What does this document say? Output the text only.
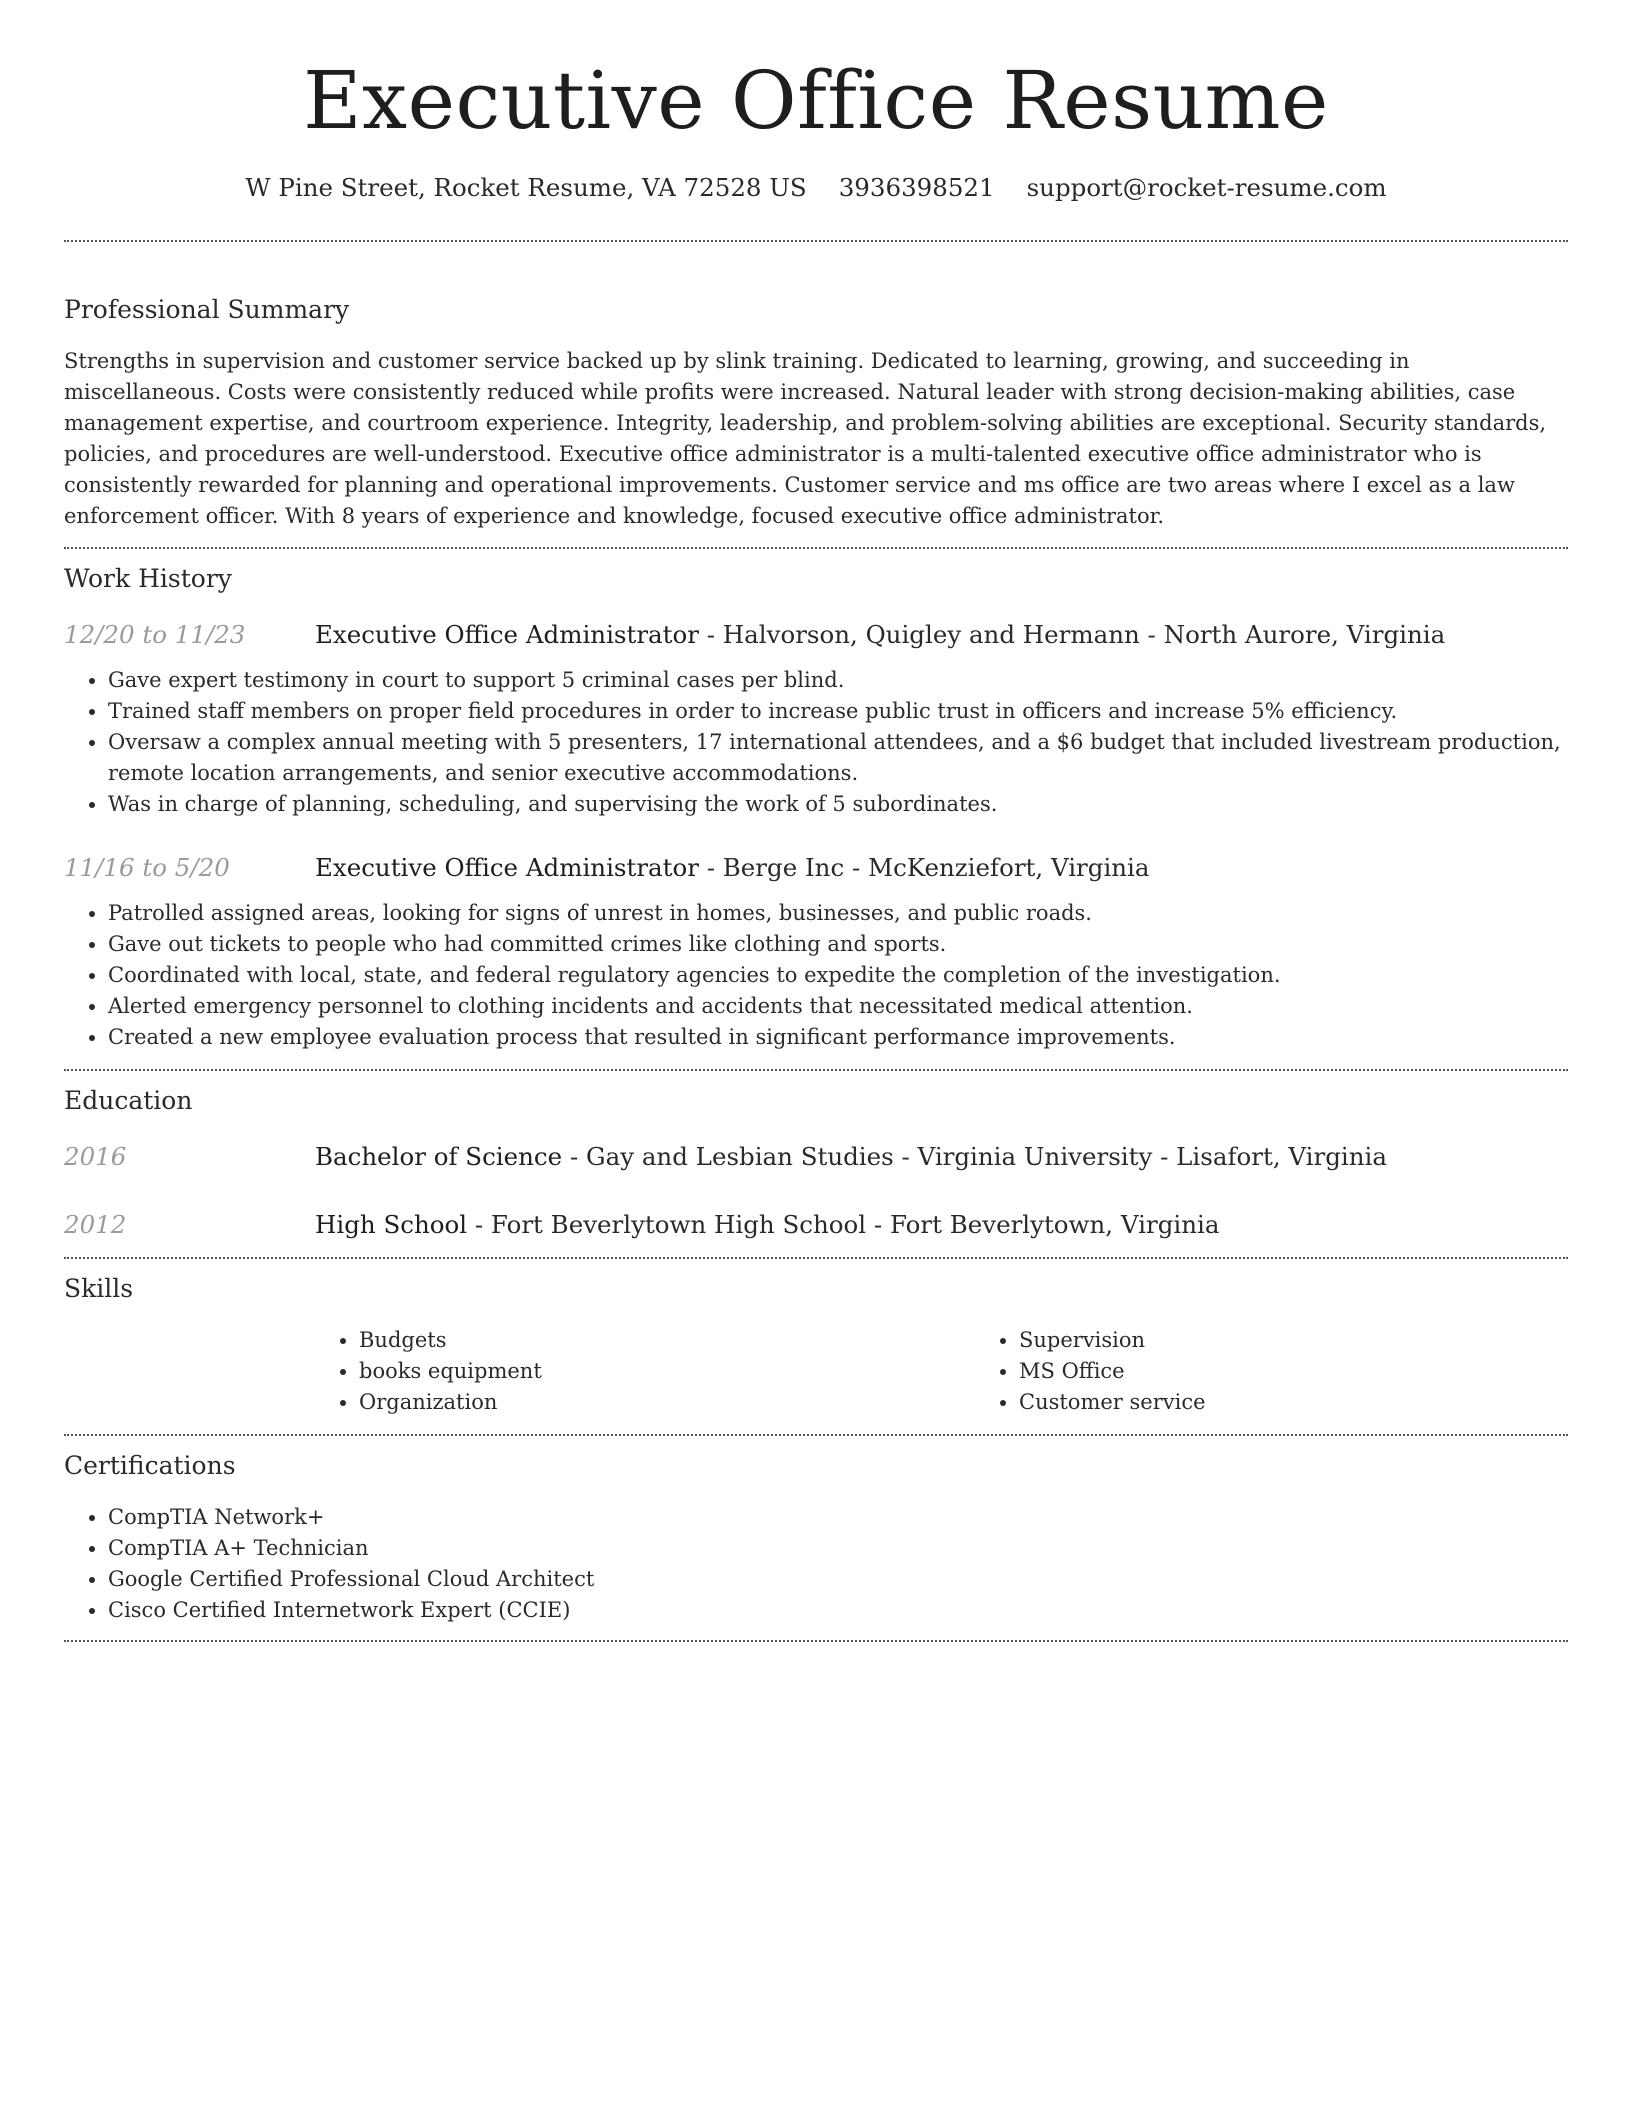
Executive Office Resume
W Pine Street, Rocket Resume, VA 72528 US 3936398521 support@rocket-resume.com
Professional Summary

Strengths in supervision and customer service backed up by slink training. Dedicated to learning, growing, and succeeding in miscellaneous. Costs were consistently reduced while profits were increased. Natural leader with strong decision-making abilities, case management expertise, and courtroom experience. Integrity, leadership, and problem-solving abilities are exceptional. Security standards, policies, and procedures are well-understood. Executive office administrator is a multi-talented executive office administrator who is consistently rewarded for planning and operational improvements. Customer service and ms office are two areas where I excel as a law enforcement officer. With 8 years of experience and knowledge, focused executive office administrator.

Work History
12/20 to 11/23	Executive Office Administrator - Halvorson, Quigley and Hermann - North Aurore, Virginia
• Gave expert testimony in court to support 5 criminal cases per blind.
• Trained staff members on proper field procedures in order to increase public trust in officers and increase 5% efficiency.
• Oversaw a complex annual meeting with 5 presenters, 17 international attendees, and a $6 budget that included livestream production, remote location arrangements, and senior executive accommodations.
• Was in charge of planning, scheduling, and supervising the work of 5 subordinates.
11/16 to 5/20	Executive Office Administrator - Berge Inc - McKenziefort, Virginia
• Patrolled assigned areas, looking for signs of unrest in homes, businesses, and public roads.
• Gave out tickets to people who had committed crimes like clothing and sports.
• Coordinated with local, state, and federal regulatory agencies to expedite the completion of the investigation.
• Alerted emergency personnel to clothing incidents and accidents that necessitated medical attention.
• Created a new employee evaluation process that resulted in significant performance improvements.
Education
2016	Bachelor of Science - Gay and Lesbian Studies - Virginia University - Lisafort, Virginia
2012	High School - Fort Beverlytown High School - Fort Beverlytown, Virginia
Skills
• Budgets
• books equipment
• Organization
• Supervision
• MS Office
• Customer service
Certifications
• CompTIA Network+
• CompTIA A+ Technician
• Google Certified Professional Cloud Architect
• Cisco Certified Internetwork Expert (CCIE)
